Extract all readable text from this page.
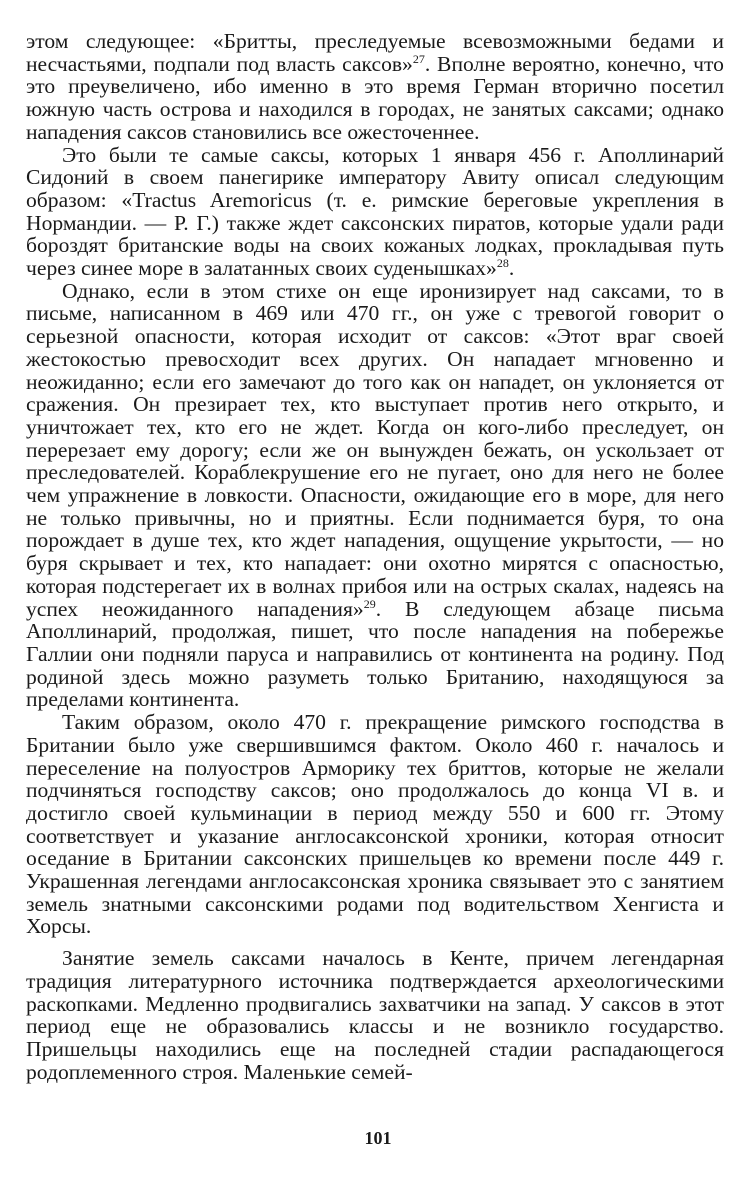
этом следующее: «Бритты, преследуемые всевозможными бедами и несчастьями, подпали под власть саксов»$^{27}$. Вполне вероятно, конечно, что это преувеличено, ибо именно в это время Герман вторично посетил южную часть острова и находился в городах, не занятых саксами; однако нападения саксов становились все ожесточеннее.

Это были те самые саксы, которых 1 января 456 г. Аполлинарий Сидоний в своем панегирике императору Авиту описал следующим образом: «Tractus Aremoricus (т. е. римские береговые укрепления в Нормандии. — Р. Г.) также ждет саксонских пиратов, которые удали ради бороздят британские воды на своих кожаных лодках, прокладывая путь через синее море в залатанных своих суденышках»$^{28}$.

Однако, если в этом стихе он еще иронизирует над саксами, то в письме, написанном в 469 или 470 гг., он уже с тревогой говорит о серьезной опасности, которая исходит от саксов: «Этот враг своей жестокостью превосходит всех других. Он нападает мгновенно и неожиданно; если его замечают до того как он нападет, он уклоняется от сражения. Он презирает тех, кто выступает против него открыто, и уничтожает тех, кто его не ждет. Когда он кого-либо преследует, он перерезает ему дорогу; если же он вынужден бежать, он ускользает от преследователей. Кораблекрушение его не пугает, оно для него не более чем упражнение в ловкости. Опасности, ожидающие его в море, для него не только привычны, но и приятны. Если поднимается буря, то она порождает в душе тех, кто ждет нападения, ощущение укрытости, — но буря скрывает и тех, кто нападает: они охотно мирятся с опасностью, которая подстерегает их в волнах прибоя или на острых скалах, надеясь на успех неожиданного нападения»$^{29}$. В следующем абзаце письма Аполлинарий, продолжая, пишет, что после нападения на побережье Галлии они подняли паруса и направились от континента на родину. Под родиной здесь можно разуметь только Британию, находящуюся за пределами континента.

Таким образом, около 470 г. прекращение римского господства в Британии было уже свершившимся фактом. Около 460 г. началось и переселение на полуостров Арморику тех бриттов, которые не желали подчиняться господству саксов; оно продолжалось до конца VI в. и достигло своей кульминации в период между 550 и 600 гг. Этому соответствует и указание англосаксонской хроники, которая относит оседание в Британии саксонских пришельцев ко времени после 449 г. Украшенная легендами англосаксонская хроника связывает это с занятием земель знатными саксонскими родами под водительством Хенгиста и Хорсы.

Занятие земель саксами началось в Кенте, причем легендарная традиция литературного источника подтверждается археологическими раскопками. Медленно продвигались захватчики на запад. У саксов в этот период еще не образовались классы и не возникло государство. Пришельцы находились еще на последней стадии распадающегося родоплеменного строя. Маленькие семей-

101
